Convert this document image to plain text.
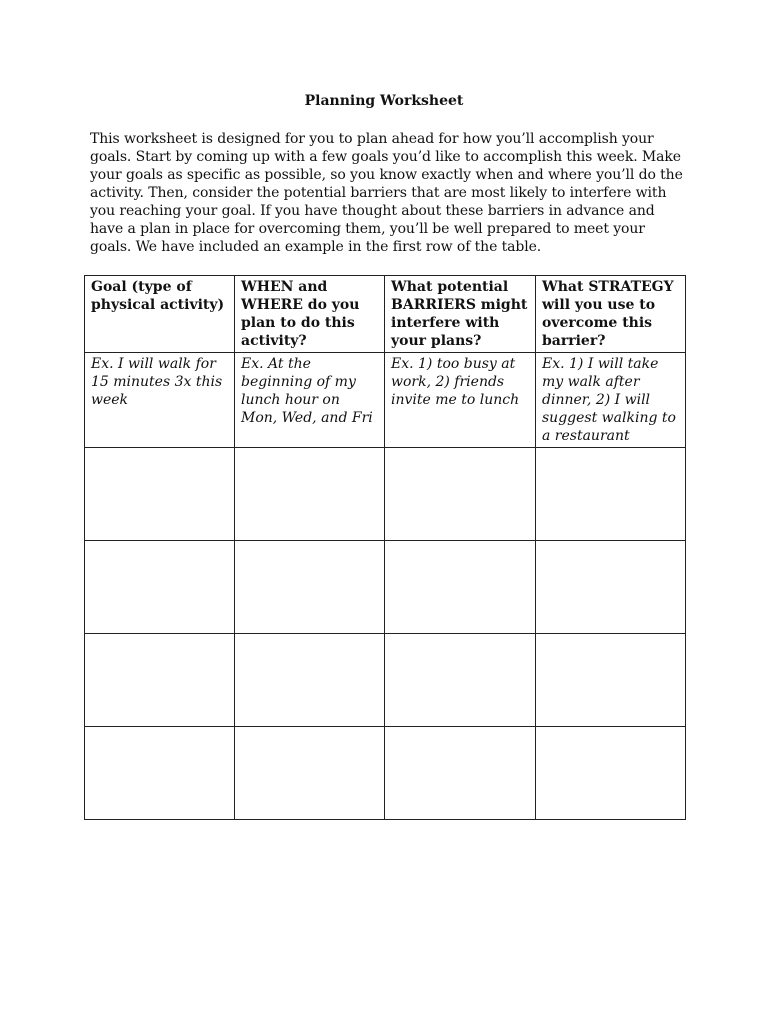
Planning Worksheet

This worksheet is designed for you to plan ahead for how you’ll accomplish your goals. Start by coming up with a few goals you’d like to accomplish this week. Make your goals as specific as possible, so you know exactly when and where you’ll do the activity. Then, consider the potential barriers that are most likely to interfere with you reaching your goal. If you have thought about these barriers in advance and have a plan in place for overcoming them, you’ll be well prepared to meet your goals. We have included an example in the first row of the table.

Goal (type of physical activity)	WHEN and WHERE do you plan to do this activity?	What potential BARRIERS might interfere with your plans?	What STRATEGY will you use to overcome this barrier?
Ex. I will walk for 15 minutes 3x this week	Ex. At the beginning of my lunch hour on Mon, Wed, and Fri	Ex. 1) too busy at work, 2) friends invite me to lunch	Ex. 1) I will take my walk after dinner, 2) I will suggest walking to a restaurant
